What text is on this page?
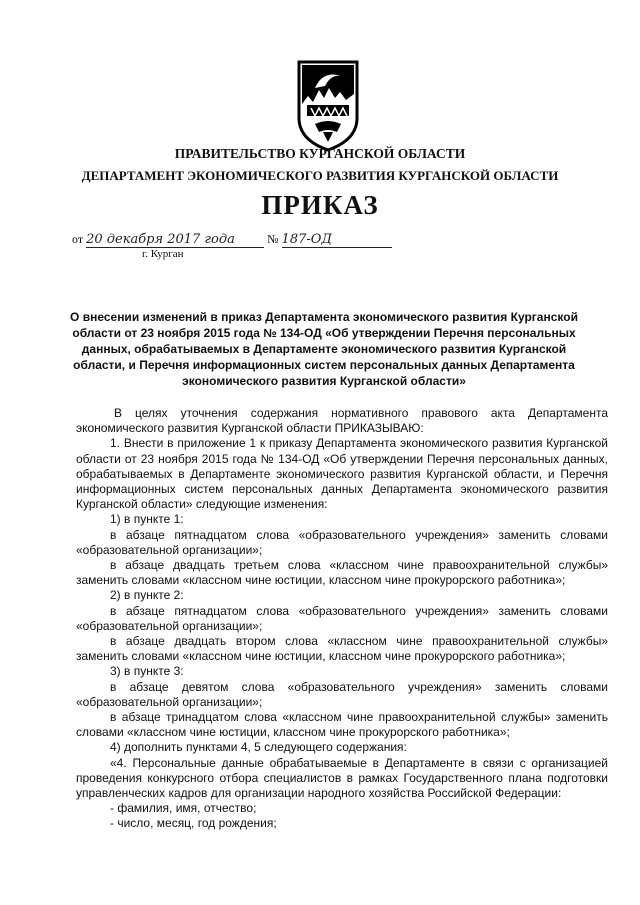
ПРАВИТЕЛЬСТВО КУРГАНСКОЙ ОБЛАСТИ
ДЕПАРТАМЕНТ ЭКОНОМИЧЕСКОГО РАЗВИТИЯ КУРГАНСКОЙ ОБЛАСТИ
ПРИКАЗ
от 20 декабря 2017 года	№ 187-ОД
г. Курган
О внесении изменений в приказ Департамента экономического развития Курганской области от 23 ноября 2015 года № 134-ОД «Об утверждении Перечня персональных данных, обрабатываемых в Департаменте экономического развития Курганской области, и Перечня информационных систем персональных данных Департамента экономического развития Курганской области»

В целях уточнения содержания нормативного правового акта Департамента экономического развития Курганской области ПРИКАЗЫВАЮ:

1. Внести в приложение 1 к приказу Департамента экономического развития Курганской области от 23 ноября 2015 года № 134-ОД «Об утверждении Перечня персональных данных, обрабатываемых в Департаменте экономического развития Курганской области, и Перечня информационных систем персональных данных Департамента экономического развития Курганской области» следующие изменения:

1) в пункте 1:

в абзаце пятнадцатом слова «образовательного учреждения» заменить словами «образовательной организации»;

в абзаце двадцать третьем слова «классном чине правоохранительной службы» заменить словами «классном чине юстиции, классном чине прокурорского работника»;

2) в пункте 2:

в абзаце пятнадцатом слова «образовательного учреждения» заменить словами «образовательной организации»;

в абзаце двадцать втором слова «классном чине правоохранительной службы» заменить словами «классном чине юстиции, классном чине прокурорского работника»;

3) в пункте 3:

в абзаце девятом слова «образовательного учреждения» заменить словами «образовательной организации»;

в абзаце тринадцатом слова «классном чине правоохранительной службы» заменить словами «классном чине юстиции, классном чине прокурорского работника»;

4) дополнить пунктами 4, 5 следующего содержания:

«4. Персональные данные обрабатываемые в Департаменте в связи с организацией проведения конкурсного отбора специалистов в рамках Государственного плана подготовки управленческих кадров для организации народного хозяйства Российской Федерации:

- фамилия, имя, отчество;

- число, месяц, год рождения;
